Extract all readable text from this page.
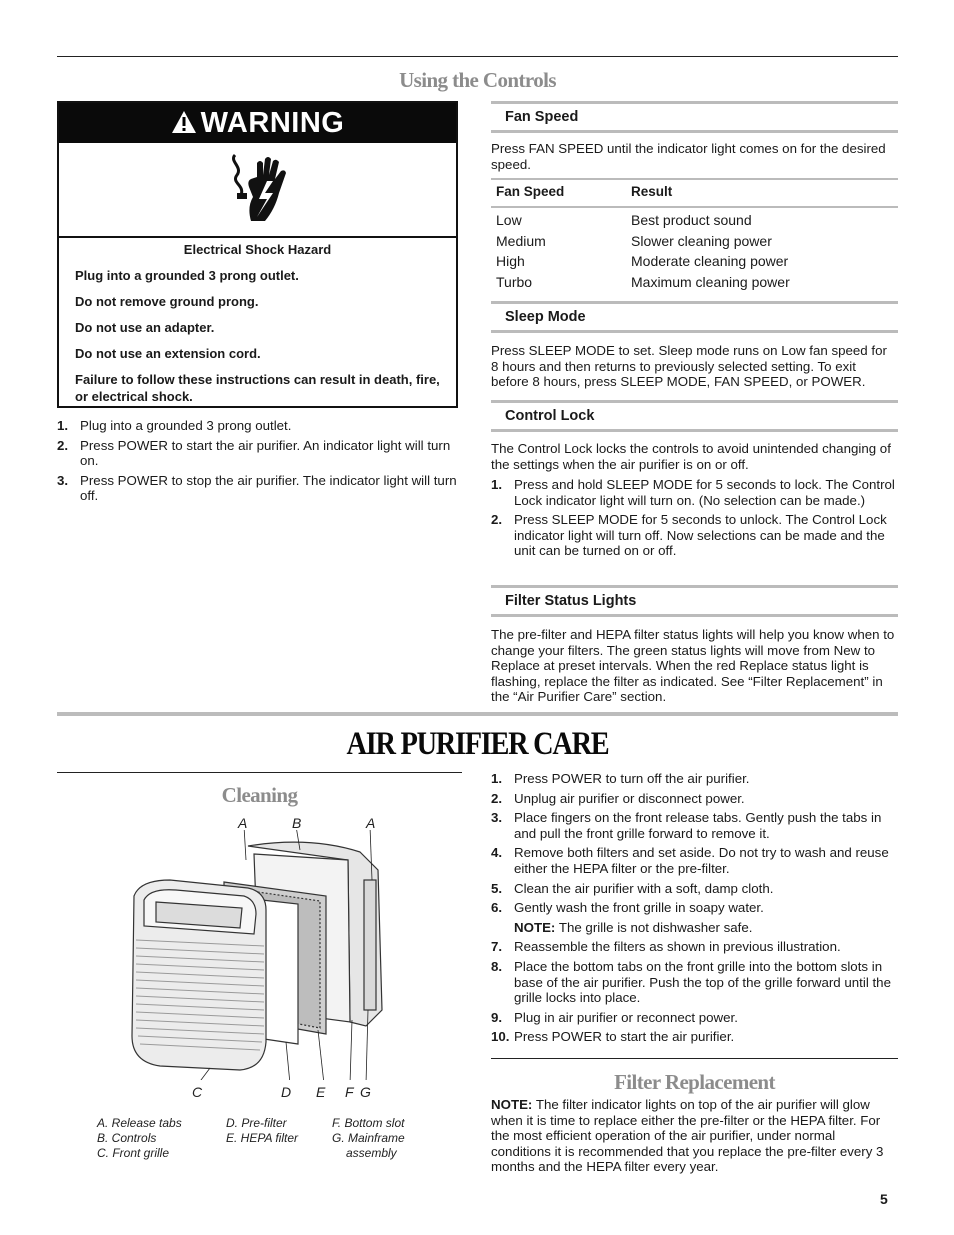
Using the Controls
WARNING
Electrical Shock Hazard
Plug into a grounded 3 prong outlet.
Do not remove ground prong.
Do not use an adapter.
Do not use an extension cord.
Failure to follow these instructions can result in death, fire, or electrical shock.
1. Plug into a grounded 3 prong outlet.
2. Press POWER to start the air purifier. An indicator light will turn on.
3. Press POWER to stop the air purifier. The indicator light will turn off.
Fan Speed
Press FAN SPEED until the indicator light comes on for the desired speed.
Fan Speed	Result
Low	Best product sound
Medium	Slower cleaning power
High	Moderate cleaning power
Turbo	Maximum cleaning power
Sleep Mode
Press SLEEP MODE to set. Sleep mode runs on Low fan speed for 8 hours and then returns to previously selected setting. To exit before 8 hours, press SLEEP MODE, FAN SPEED, or POWER.
Control Lock
The Control Lock locks the controls to avoid unintended changing of the settings when the air purifier is on or off.
1. Press and hold SLEEP MODE for 5 seconds to lock. The Control Lock indicator light will turn on. (No selection can be made.)
2. Press SLEEP MODE for 5 seconds to unlock. The Control Lock indicator light will turn off. Now selections can be made and the unit can be turned on or off.
Filter Status Lights
The pre-filter and HEPA filter status lights will help you know when to change your filters. The green status lights will move from New to Replace at preset intervals. When the red Replace status light is flashing, replace the filter as indicated. See “Filter Replacement” in the “Air Purifier Care” section.
AIR PURIFIER CARE
Cleaning
A	B	A
C	D E F G
A. Release tabs
B. Controls
C. Front grille
D. Pre-filter
E. HEPA filter
F. Bottom slot
G. Mainframe
assembly
1. Press POWER to turn off the air purifier.
2. Unplug air purifier or disconnect power.
3. Place fingers on the front release tabs. Gently push the tabs in and pull the front grille forward to remove it.
4. Remove both filters and set aside. Do not try to wash and reuse either the HEPA filter or the pre-filter.
5. Clean the air purifier with a soft, damp cloth.
6. Gently wash the front grille in soapy water.
NOTE: The grille is not dishwasher safe.
7. Reassemble the filters as shown in previous illustration.
8. Place the bottom tabs on the front grille into the bottom slots in base of the air purifier. Push the top of the grille forward until the grille locks into place.
9. Plug in air purifier or reconnect power.
10. Press POWER to start the air purifier.
Filter Replacement
NOTE: The filter indicator lights on top of the air purifier will glow when it is time to replace either the pre-filter or the HEPA filter. For the most efficient operation of the air purifier, under normal conditions it is recommended that you replace the pre-filter every 3 months and the HEPA filter every year.
5
